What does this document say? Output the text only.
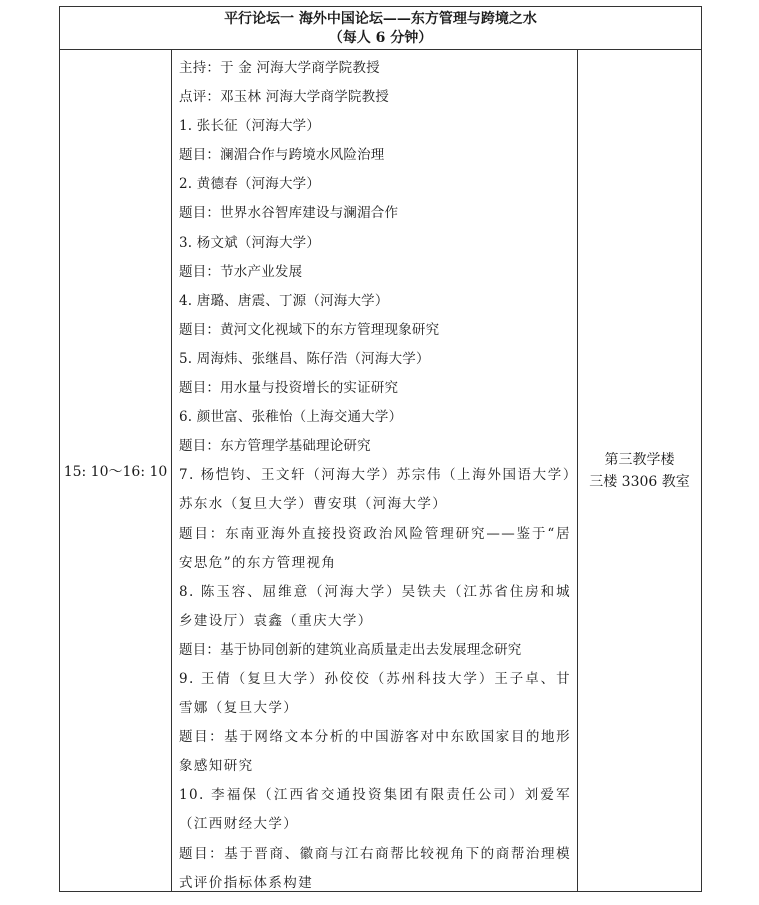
平行论坛一 海外中国论坛——东方管理与跨境之水
（每人 6 分钟）
15: 10～16: 10
主持：于 金 河海大学商学院教授
点评：邓玉林 河海大学商学院教授
1. 张长征（河海大学）
题目：澜湄合作与跨境水风险治理
2. 黄德春（河海大学）
题目：世界水谷智库建设与澜湄合作
3. 杨文斌（河海大学）
题目：节水产业发展
4. 唐璐、唐震、丁源（河海大学）
题目：黄河文化视域下的东方管理现象研究
5. 周海炜、张继昌、陈仔浩（河海大学）
题目：用水量与投资增长的实证研究
6. 颜世富、张稚怡（上海交通大学）
题目：东方管理学基础理论研究
7. 杨恺钧、王文轩（河海大学）苏宗伟（上海外国语大学）苏东水（复旦大学）曹安琪（河海大学）
题目：东南亚海外直接投资政治风险管理研究——鉴于“居安思危”的东方管理视角
8. 陈玉容、屈维意（河海大学）吴铁夫（江苏省住房和城乡建设厅）袁鑫（重庆大学）
题目：基于协同创新的建筑业高质量走出去发展理念研究
9. 王倩（复旦大学）孙佼佼（苏州科技大学）王子卓、甘雪娜（复旦大学）
题目：基于网络文本分析的中国游客对中东欧国家目的地形象感知研究
10. 李福保（江西省交通投资集团有限责任公司）刘爱军（江西财经大学）
题目：基于晋商、徽商与江右商帮比较视角下的商帮治理模式评价指标体系构建
第三教学楼
三楼 3306 教室
